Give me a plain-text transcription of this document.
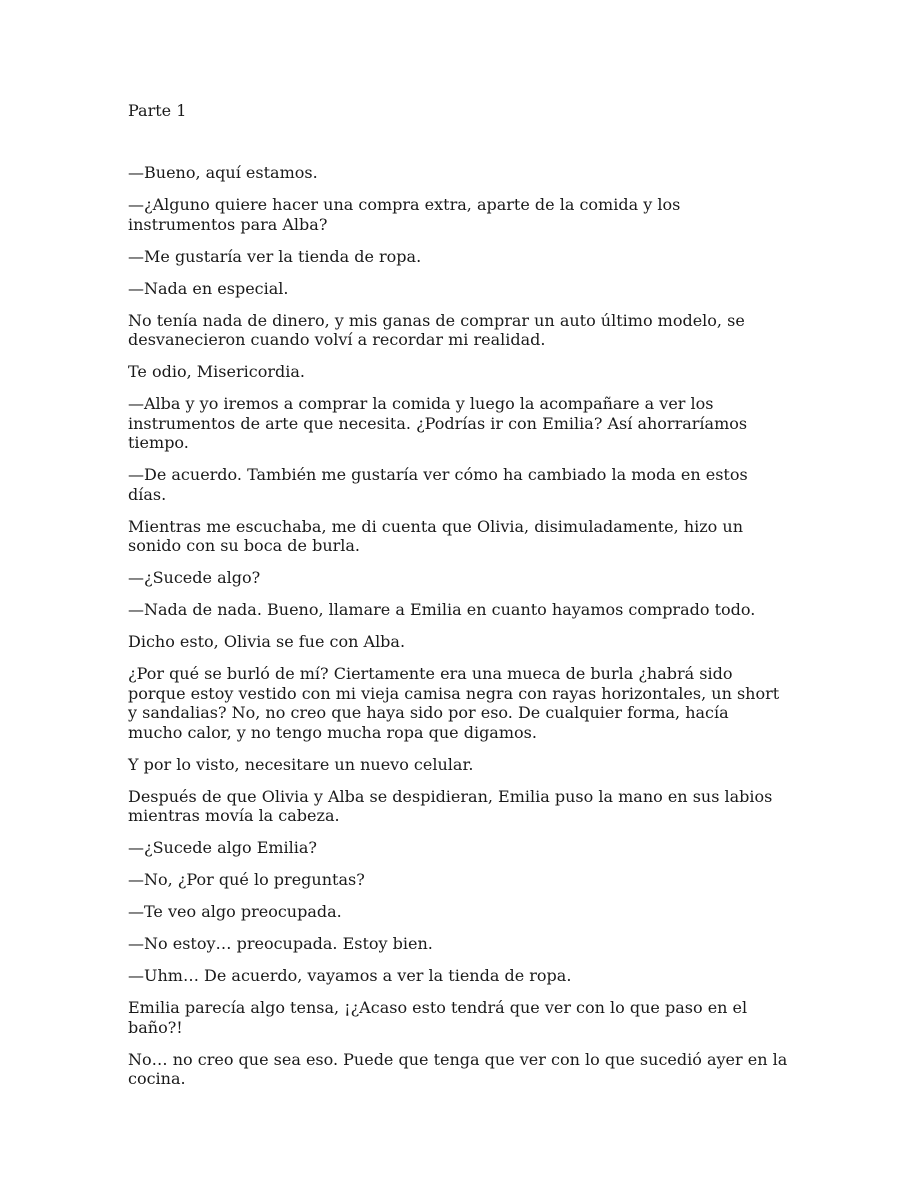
Parte 1

—Bueno, aquí estamos.

—¿Alguno quiere hacer una compra extra, aparte de la comida y los instrumentos para Alba?

—Me gustaría ver la tienda de ropa.

—Nada en especial.

No tenía nada de dinero, y mis ganas de comprar un auto último modelo, se desvanecieron cuando volví a recordar mi realidad.

Te odio, Misericordia.

—Alba y yo iremos a comprar la comida y luego la acompañare a ver los instrumentos de arte que necesita. ¿Podrías ir con Emilia? Así ahorraríamos tiempo.

—De acuerdo. También me gustaría ver cómo ha cambiado la moda en estos días.

Mientras me escuchaba, me di cuenta que Olivia, disimuladamente, hizo un sonido con su boca de burla.

—¿Sucede algo?

—Nada de nada. Bueno, llamare a Emilia en cuanto hayamos comprado todo.

Dicho esto, Olivia se fue con Alba.

¿Por qué se burló de mí? Ciertamente era una mueca de burla ¿habrá sido porque estoy vestido con mi vieja camisa negra con rayas horizontales, un short y sandalias? No, no creo que haya sido por eso. De cualquier forma, hacía mucho calor, y no tengo mucha ropa que digamos.

Y por lo visto, necesitare un nuevo celular.

Después de que Olivia y Alba se despidieran, Emilia puso la mano en sus labios mientras movía la cabeza.

—¿Sucede algo Emilia?

—No, ¿Por qué lo preguntas?

—Te veo algo preocupada.

—No estoy… preocupada. Estoy bien.

—Uhm… De acuerdo, vayamos a ver la tienda de ropa.

Emilia parecía algo tensa, ¡¿Acaso esto tendrá que ver con lo que paso en el baño?!

No… no creo que sea eso. Puede que tenga que ver con lo que sucedió ayer en la cocina.
